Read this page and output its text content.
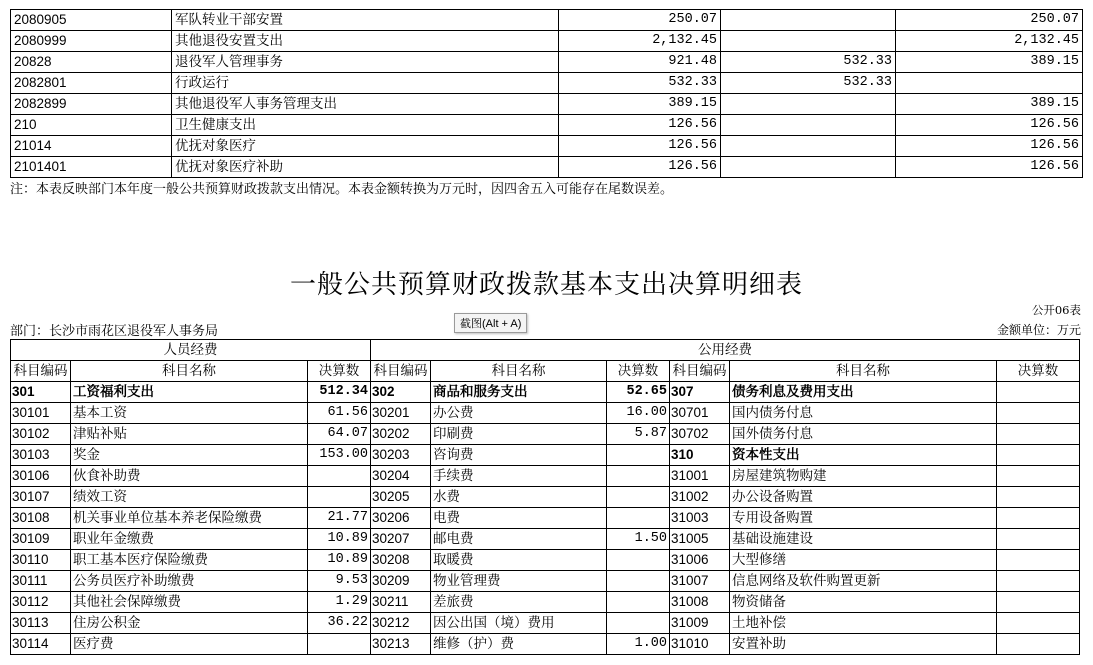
2080905	军队转业干部安置	250.07		250.07
2080999	其他退役安置支出	2,132.45		2,132.45
20828	退役军人管理事务	921.48	532.33	389.15
2082801	行政运行	532.33	532.33	
2082899	其他退役军人事务管理支出	389.15		389.15
210	卫生健康支出	126.56		126.56
21014	优抚对象医疗	126.56		126.56
2101401	优抚对象医疗补助	126.56		126.56
注：本表反映部门本年度一般公共预算财政拨款支出情况。本表金额转换为万元时，因四舍五入可能存在尾数误差。
一般公共预算财政拨款基本支出决算明细表
公开06表
部门：长沙市雨花区退役军人事务局	金额单位：万元
截图(Alt + A)
人员经费			公用经费					
科目编码	科目名称	决算数	科目编码	科目名称	决算数	科目编码	科目名称	决算数
301	工资福利支出	512.34	302	商品和服务支出	52.65	307	债务利息及费用支出	
30101	基本工资	61.56	30201	办公费	16.00	30701	国内债务付息	
30102	津贴补贴	64.07	30202	印刷费	5.87	30702	国外债务付息	
30103	奖金	153.00	30203	咨询费		310	资本性支出	
30106	伙食补助费		30204	手续费		31001	房屋建筑物购建	
30107	绩效工资		30205	水费		31002	办公设备购置	
30108	机关事业单位基本养老保险缴费	21.77	30206	电费		31003	专用设备购置	
30109	职业年金缴费	10.89	30207	邮电费	1.50	31005	基础设施建设	
30110	职工基本医疗保险缴费	10.89	30208	取暖费		31006	大型修缮	
30111	公务员医疗补助缴费	9.53	30209	物业管理费		31007	信息网络及软件购置更新	
30112	其他社会保障缴费	1.29	30211	差旅费		31008	物资储备	
30113	住房公积金	36.22	30212	因公出国（境）费用		31009	土地补偿	
30114	医疗费		30213	维修（护）费	1.00	31010	安置补助	
